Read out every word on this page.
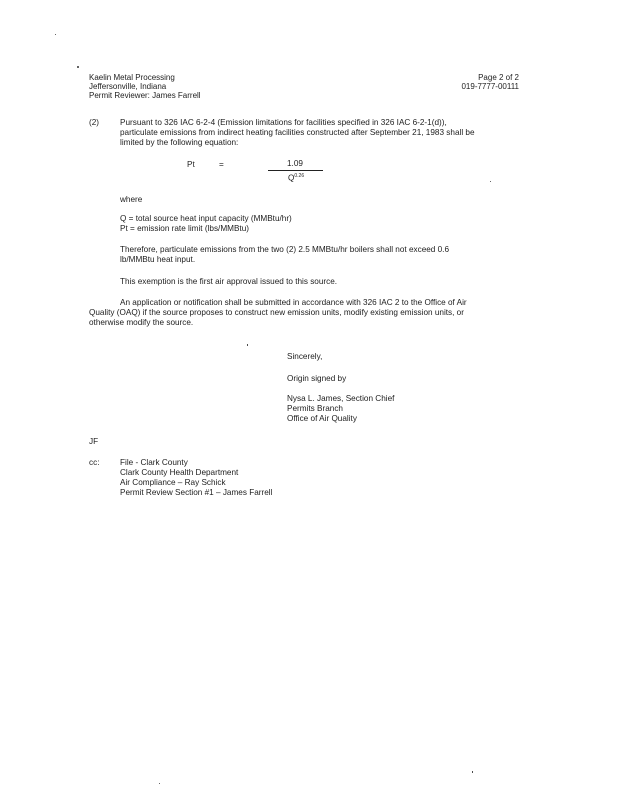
Kaelin Metal Processing
Jeffersonville, Indiana
Permit Reviewer: James Farrell
Page 2 of 2
019-7777-00111
(2)	Pursuant to 326 IAC 6-2-4 (Emission limitations for facilities specified in 326 IAC 6-2-1(d)),
particulate emissions from indirect heating facilities constructed after September 21, 1983 shall be
limited by the following equation:
Pt	=	1.09
$Q^{0.26}$
where
Q = total source heat input capacity (MMBtu/hr)
Pt = emission rate limit (lbs/MMBtu)
Therefore, particulate emissions from the two (2) 2.5 MMBtu/hr boilers shall not exceed 0.6
lb/MMBtu heat input.
This exemption is the first air approval issued to this source.
An application or notification shall be submitted in accordance with 326 IAC 2 to the Office of Air
Quality (OAQ) if the source proposes to construct new emission units, modify existing emission units, or
otherwise modify the source.
Sincerely,
Origin signed by
Nysa L. James, Section Chief
Permits Branch
Office of Air Quality
JF
cc:	File - Clark County
Clark County Health Department
Air Compliance – Ray Schick
Permit Review Section #1 – James Farrell
